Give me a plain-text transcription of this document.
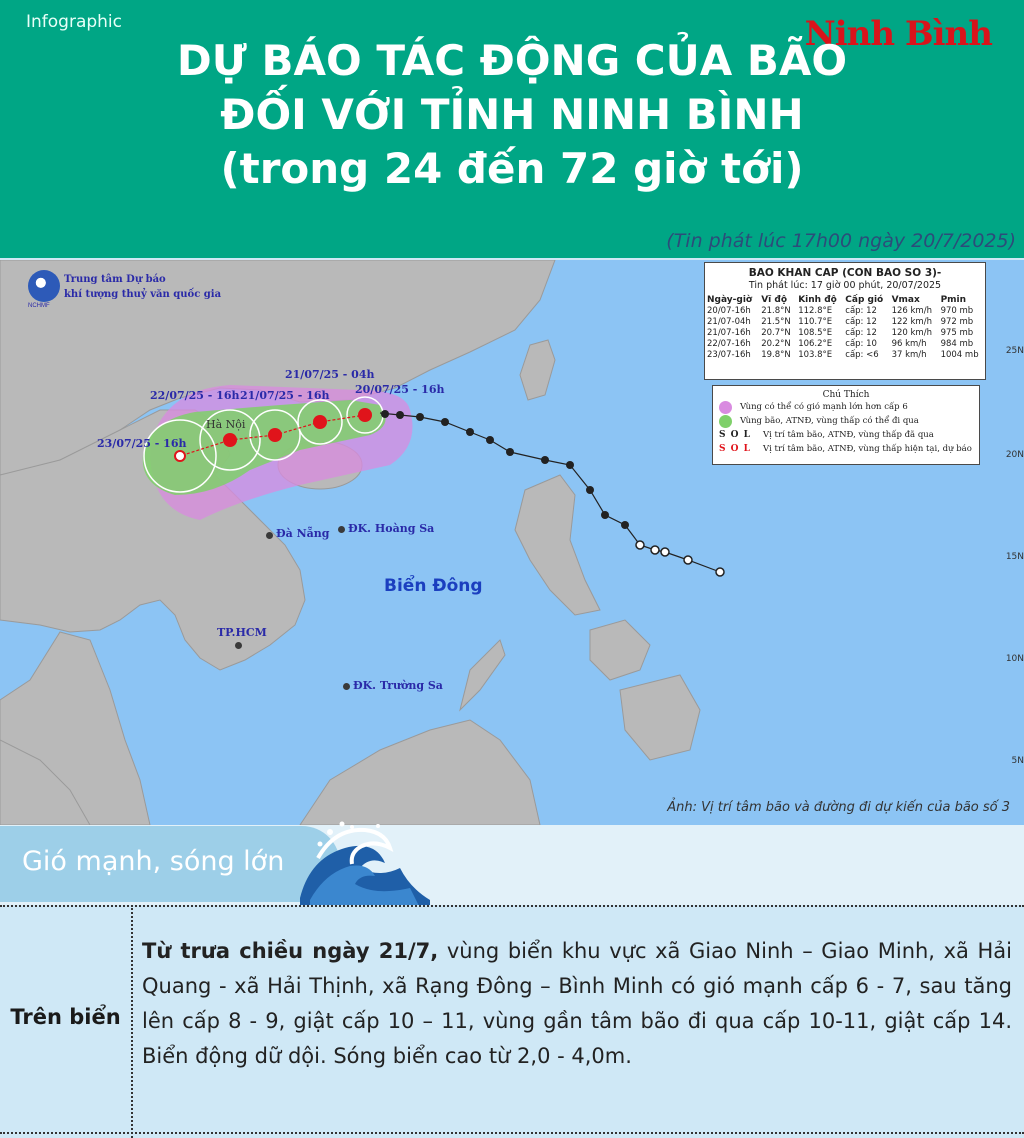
Infographic	Ninh Bình
DỰ BÁO TÁC ĐỘNG CỦA BÃO
ĐỐI VỚI TỈNH NINH BÌNH
(trong 24 đến 72 giờ tới)
(Tin phát lúc 17h00 ngày 20/7/2025)
25N
20N
15N
10N
5N
23/07/25 - 16h
22/07/25 - 16h 21/07/25 - 16h
21/07/25 - 04h
20/07/25 - 16h
Hà Nội
Đà Nẵng ĐK. Hoàng Sa
TP.HCM
ĐK. Trường Sa
Biển Đông
Trung tâm Dự báo
khí tượng thuỷ văn quốc gia
NCHMF
BAO KHAN CAP (CON BAO SO 3)-
Tin phát lúc: 17 giờ 00 phút, 20/07/2025
Ngày-giờ	Vĩ độ	Kinh độ	Cấp gió	Vmax	Pmin
20/07-16h	21.8°N	112.8°E	cấp: 12	126 km/h	970 mb
21/07-04h	21.5°N	110.7°E	cấp: 12	122 km/h	972 mb
21/07-16h	20.7°N	108.5°E	cấp: 12	120 km/h	975 mb
22/07-16h	20.2°N	106.2°E	cấp: 10	96 km/h	984 mb
23/07-16h	19.8°N	103.8°E	cấp: <6	37 km/h	1004 mb
Chú Thích
Vùng có thể có gió mạnh lớn hơn cấp 6
Vùng bão, ATNĐ, vùng thấp có thể đi qua
S O L	Vị trí tâm bão, ATNĐ, vùng thấp đã qua
S O L	Vị trí tâm bão, ATNĐ, vùng thấp hiện tại, dự báo
Ảnh: Vị trí tâm bão và đường đi dự kiến của bão số 3
Gió mạnh, sóng lớn
Trên biển
Từ trưa chiều ngày 21/7, vùng biển khu vực xã Giao Ninh – Giao Minh, xã Hải Quang - xã Hải Thịnh, xã Rạng Đông – Bình Minh có gió mạnh cấp 6 - 7, sau tăng lên cấp 8 - 9, giật cấp 10 – 11, vùng gần tâm bão đi qua cấp 10-11, giật cấp 14. Biển động dữ dội. Sóng biển cao từ 2,0 - 4,0m.
